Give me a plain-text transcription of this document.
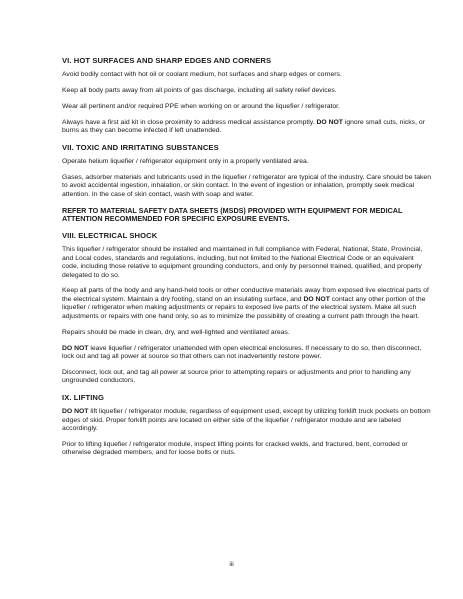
VI. HOT SURFACES AND SHARP EDGES AND CORNERS

Avoid bodily contact with hot oil or coolant medium, hot surfaces and sharp edges or corners.

Keep all body parts away from all points of gas discharge, including all safety relief devices.

Wear all pertinent and/or required PPE when working on or around the liquefier / refrigerator.

Always have a first aid kit in close proximity to address medical assistance promptly. DO NOT ignore small cuts, nicks, or burns as they can become infected if left unattended.

VII. TOXIC AND IRRITATING SUBSTANCES

Operate helium liquefier / refrigerator equipment only in a properly ventilated area.

Gases, adsorber materials and lubricants used in the liquefier / refrigerator are typical of the industry. Care should be taken to avoid accidental ingestion, inhalation, or skin contact. In the event of ingestion or inhalation, promptly seek medical attention. In the case of skin contact, wash with soap and water.

REFER TO MATERIAL SAFETY DATA SHEETS (MSDS) PROVIDED WITH EQUIPMENT FOR MEDICAL ATTENTION RECOMMENDED FOR SPECIFIC EXPOSURE EVENTS.

VIII. ELECTRICAL SHOCK

This liquefier / refrigerator should be installed and maintained in full compliance with Federal, National, State, Provincial, and Local codes, standards and regulations, including, but not limited to the National Electrical Code or an equivalent code, including those relative to equipment grounding conductors, and only by personnel trained, qualified, and properly delegated to do so.

Keep all parts of the body and any hand-held tools or other conductive materials away from exposed live electrical parts of the electrical system. Maintain a dry footing, stand on an insulating surface, and DO NOT contact any other portion of the liquefier / refrigerator when making adjustments or repairs to exposed live parts of the electrical system. Make all such adjustments or repairs with one hand only, so as to minimize the possibility of creating a current path through the heart.

Repairs should be made in clean, dry, and well-lighted and ventilated areas.

DO NOT leave liquefier / refrigerator unattended with open electrical enclosures. If necessary to do so, then disconnect, lock out and tag all power at source so that others can not inadvertently restore power.

Disconnect, lock out, and tag all power at source prior to attempting repairs or adjustments and prior to handling any ungrounded conductors.

IX. LIFTING

DO NOT lift liquefier / refrigerator module, regardless of equipment used, except by utilizing forklift truck pockets on bottom edges of skid. Proper forklift points are located on either side of the liquefier / refrigerator module and are labeled accordingly.

Prior to lifting liquefier / refrigerator module, inspect lifting points for cracked welds, and fractured, bent, corroded or otherwise degraded members, and for loose bolts or nuts.

iii
